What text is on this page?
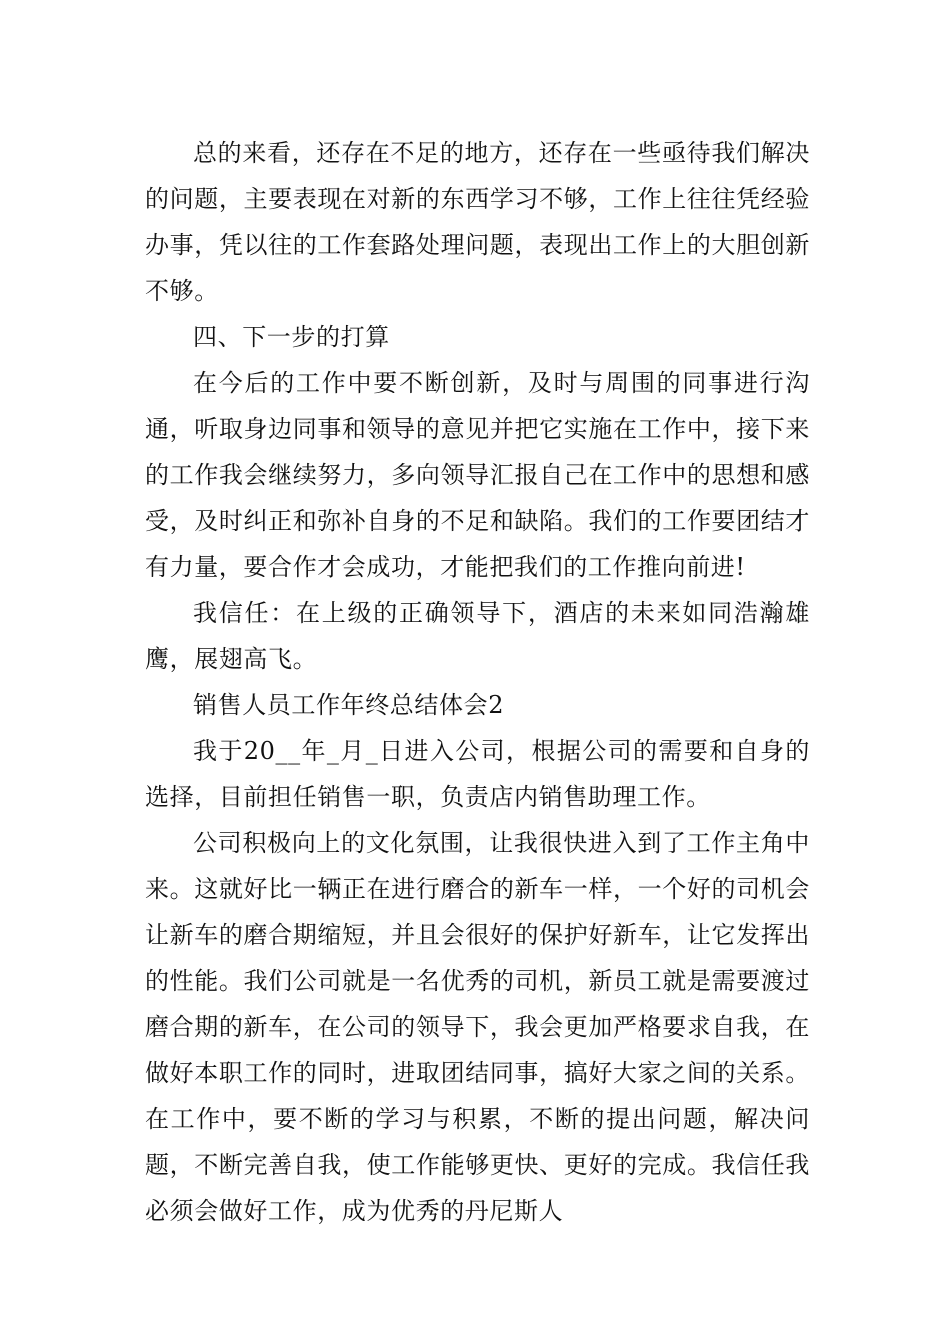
总的来看，还存在不足的地方，还存在一些亟待我们解决的问题，主要表现在对新的东西学习不够，工作上往往凭经验办事，凭以往的工作套路处理问题，表现出工作上的大胆创新不够。

四、下一步的打算

在今后的工作中要不断创新，及时与周围的同事进行沟通，听取身边同事和领导的意见并把它实施在工作中，接下来的工作我会继续努力，多向领导汇报自己在工作中的思想和感受，及时纠正和弥补自身的不足和缺陷。我们的工作要团结才有力量，要合作才会成功，才能把我们的工作推向前进!

我信任：在上级的正确领导下，酒店的未来如同浩瀚雄鹰，展翅高飞。

销售人员工作年终总结体会2

我于20__年_月_日进入公司，根据公司的需要和自身的选择，目前担任销售一职，负责店内销售助理工作。

公司积极向上的文化氛围，让我很快进入到了工作主角中来。这就好比一辆正在进行磨合的新车一样，一个好的司机会让新车的磨合期缩短，并且会很好的保护好新车，让它发挥出的性能。我们公司就是一名优秀的司机，新员工就是需要渡过磨合期的新车，在公司的领导下，我会更加严格要求自我，在做好本职工作的同时，进取团结同事，搞好大家之间的关系。在工作中，要不断的学习与积累，不断的提出问题，解决问题，不断完善自我，使工作能够更快、更好的完成。我信任我必须会做好工作，成为优秀的丹尼斯人
